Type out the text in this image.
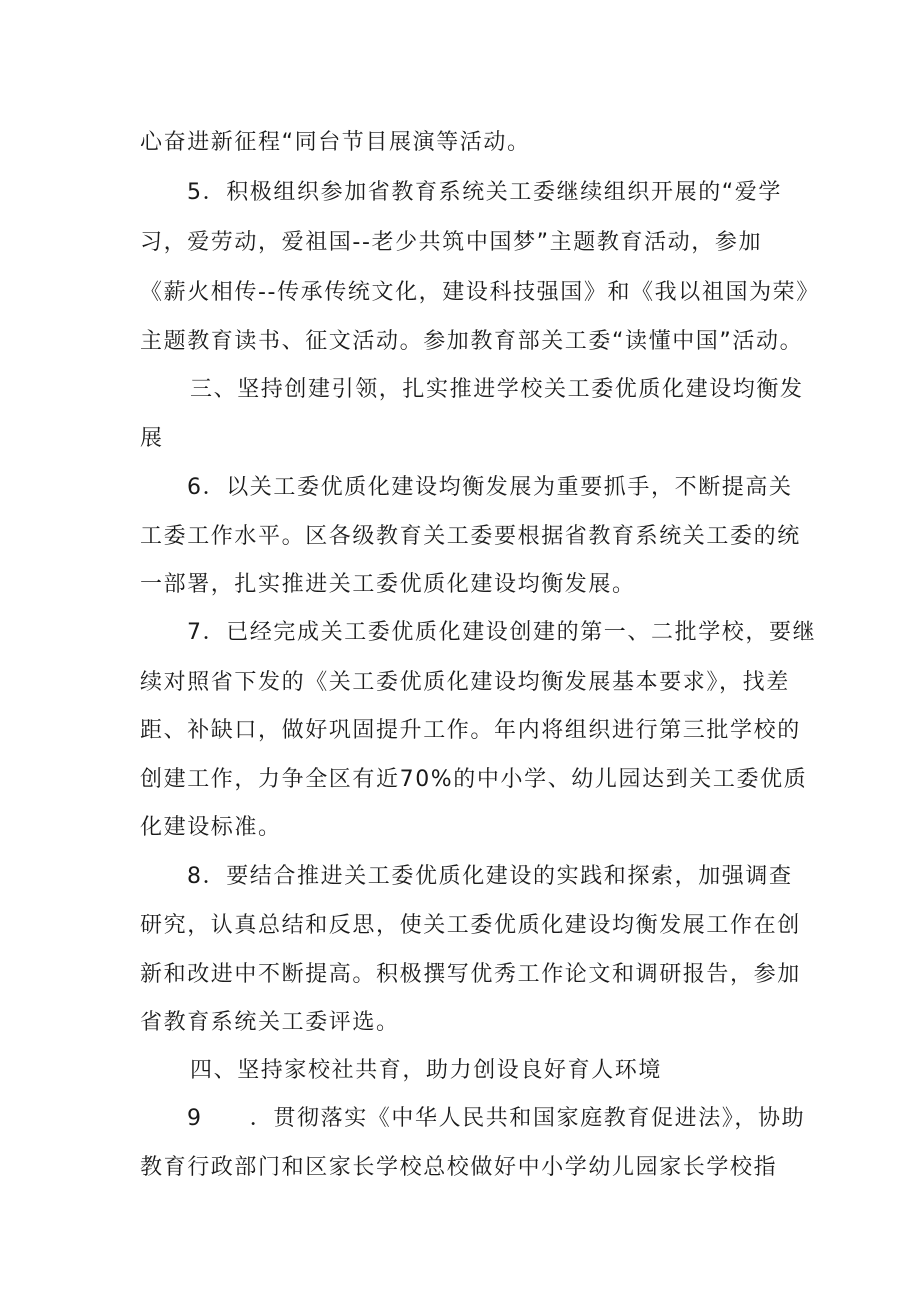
心奋进新征程“同台节目展演等活动。
5．积极组织参加省教育系统关工委继续组织开展的“爱学
习，爱劳动，爱祖国--老少共筑中国梦”主题教育活动，参加
《薪火相传--传承传统文化，建设科技强国》和《我以祖国为荣》
主题教育读书、征文活动。参加教育部关工委“读懂中国”活动。
三、坚持创建引领，扎实推进学校关工委优质化建设均衡发
展
6．以关工委优质化建设均衡发展为重要抓手，不断提高关
工委工作水平。区各级教育关工委要根据省教育系统关工委的统
一部署，扎实推进关工委优质化建设均衡发展。
7．已经完成关工委优质化建设创建的第一、二批学校，要继
续对照省下发的《关工委优质化建设均衡发展基本要求》，找差
距、补缺口，做好巩固提升工作。年内将组织进行第三批学校的
创建工作，力争全区有近70%的中小学、幼儿园达到关工委优质
化建设标准。
8．要结合推进关工委优质化建设的实践和探索，加强调查
研究，认真总结和反思，使关工委优质化建设均衡发展工作在创
新和改进中不断提高。积极撰写优秀工作论文和调研报告，参加
省教育系统关工委评选。
四、坚持家校社共育，助力创设良好育人环境
9　　．贯彻落实《中华人民共和国家庭教育促进法》，协助
教育行政部门和区家长学校总校做好中小学幼儿园家长学校指
